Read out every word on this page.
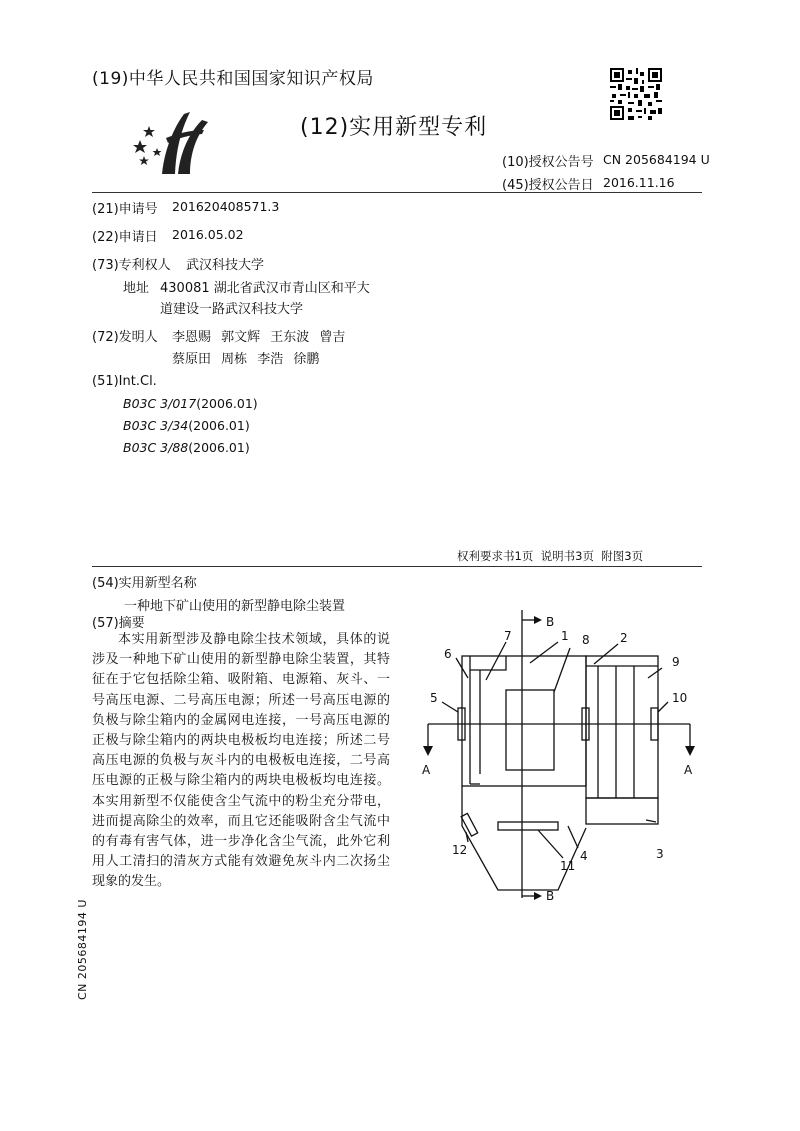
(19)中华人民共和国国家知识产权局
(12)实用新型专利
(10)授权公告号 CN 205684194 U
(45)授权公告日 2016.11.16
(21)申请号 201620408571.3
(22)申请日 2016.05.02
(73)专利权人 武汉科技大学
地址 430081 湖北省武汉市青山区和平大
道建设一路武汉科技大学
(72)发明人 李恩赐 郭文辉 王东波 曾吉
蔡原田 周栋 李浩 徐鹏
(51)Int.Cl.
B03C 3/017(2006.01)
B03C 3/34(2006.01)
B03C 3/88(2006.01)
权利要求书1页  说明书3页  附图3页
(54)实用新型名称
一种地下矿山使用的新型静电除尘装置
(57)摘要

本实用新型涉及静电除尘技术领域，具体的说涉及一种地下矿山使用的新型静电除尘装置，其特征在于它包括除尘箱、吸附箱、电源箱、灰斗、一号高压电源、二号高压电源；所述一号高压电源的负极与除尘箱内的金属网电连接，一号高压电源的正极与除尘箱内的两块电极板均电连接；所述二号高压电源的负极与灰斗内的电极板电连接，二号高压电源的正极与除尘箱内的两块电极板均电连接。本实用新型不仅能使含尘气流中的粉尘充分带电，进而提高除尘的效率，而且它还能吸附含尘气流中的有毒有害气体，进一步净化含尘气流，此外它利用人工清扫的清灰方式能有效避免灰斗内二次扬尘现象的发生。

A	A
B
B
1	2
3
4
5
6
7	8
9
10
11
12
CN 205684194 U
